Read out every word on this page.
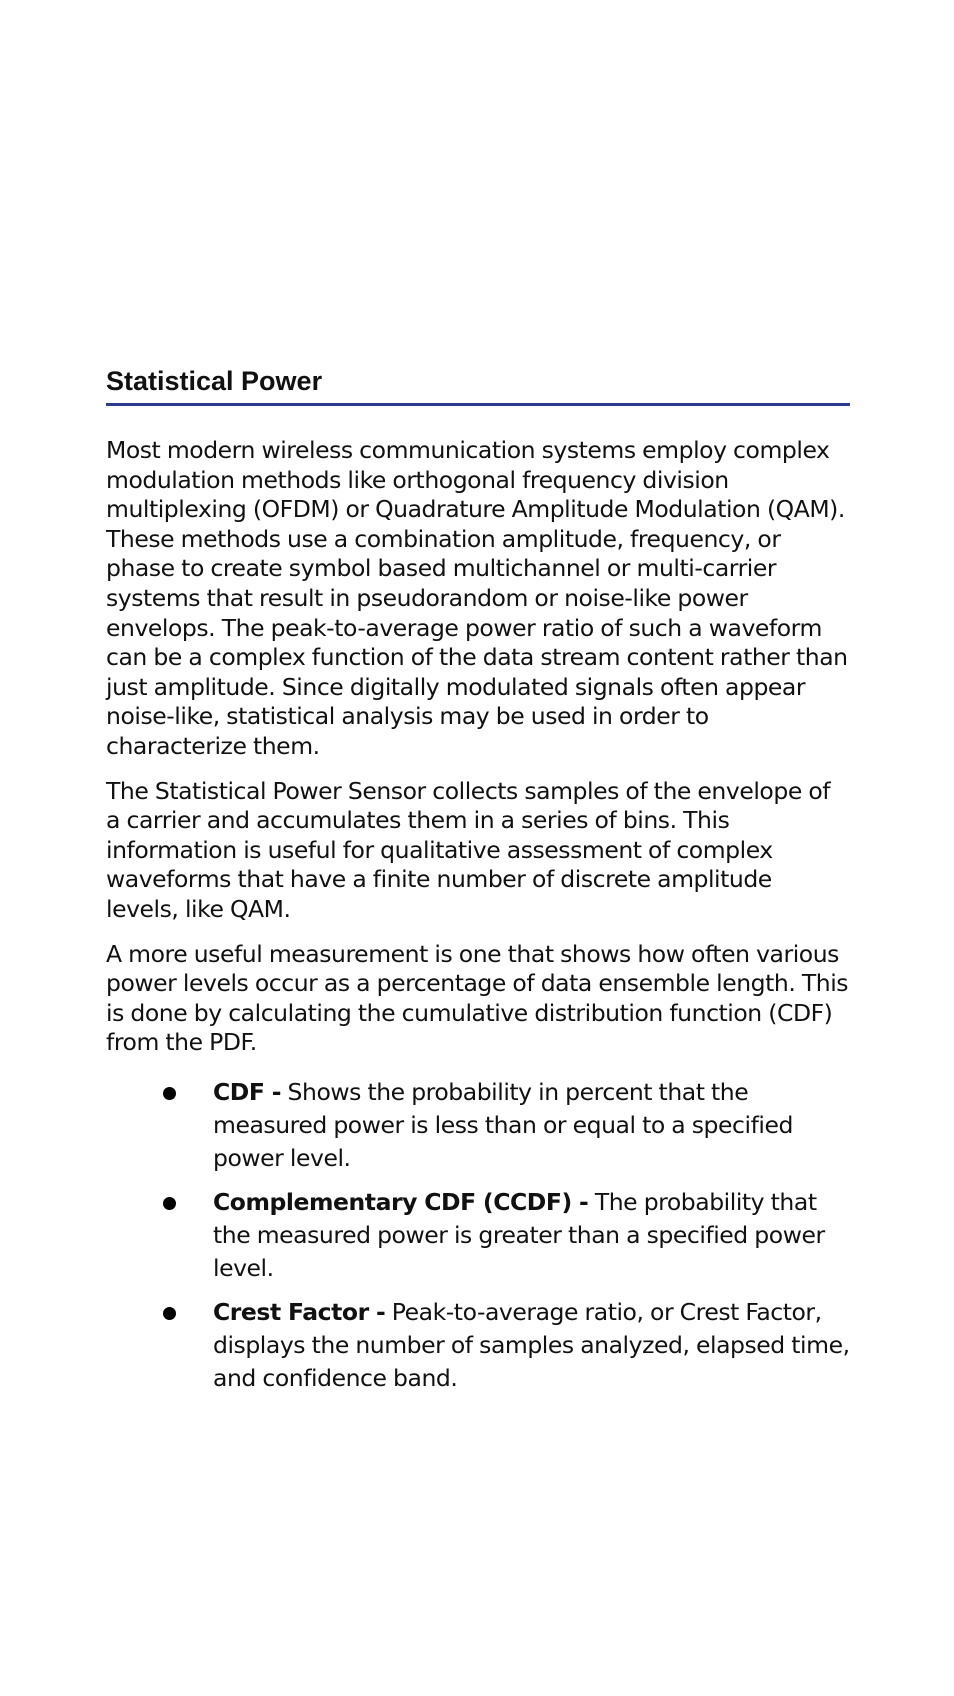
Statistical Power

Most modern wireless communication systems employ complex modulation methods like orthogonal frequency division multiplexing (OFDM) or Quadrature Amplitude Modulation (QAM). These methods use a combination amplitude, frequency, or phase to create symbol based multichannel or multi-carrier systems that result in pseudorandom or noise-like power envelops. The peak-to-average power ratio of such a waveform can be a complex function of the data stream content rather than just amplitude. Since digitally modulated signals often appear noise-like, statistical analysis may be used in order to characterize them.

The Statistical Power Sensor collects samples of the envelope of a carrier and accumulates them in a series of bins. This information is useful for qualitative assessment of complex waveforms that have a finite number of discrete amplitude levels, like QAM.

A more useful measurement is one that shows how often various power levels occur as a percentage of data ensemble length. This is done by calculating the cumulative distribution function (CDF) from the PDF.

CDF - Shows the probability in percent that the measured power is less than or equal to a specified power level.
Complementary CDF (CCDF) - The probability that the measured power is greater than a specified power level.
Crest Factor - Peak-to-average ratio, or Crest Factor, displays the number of samples analyzed, elapsed time, and confidence band.
